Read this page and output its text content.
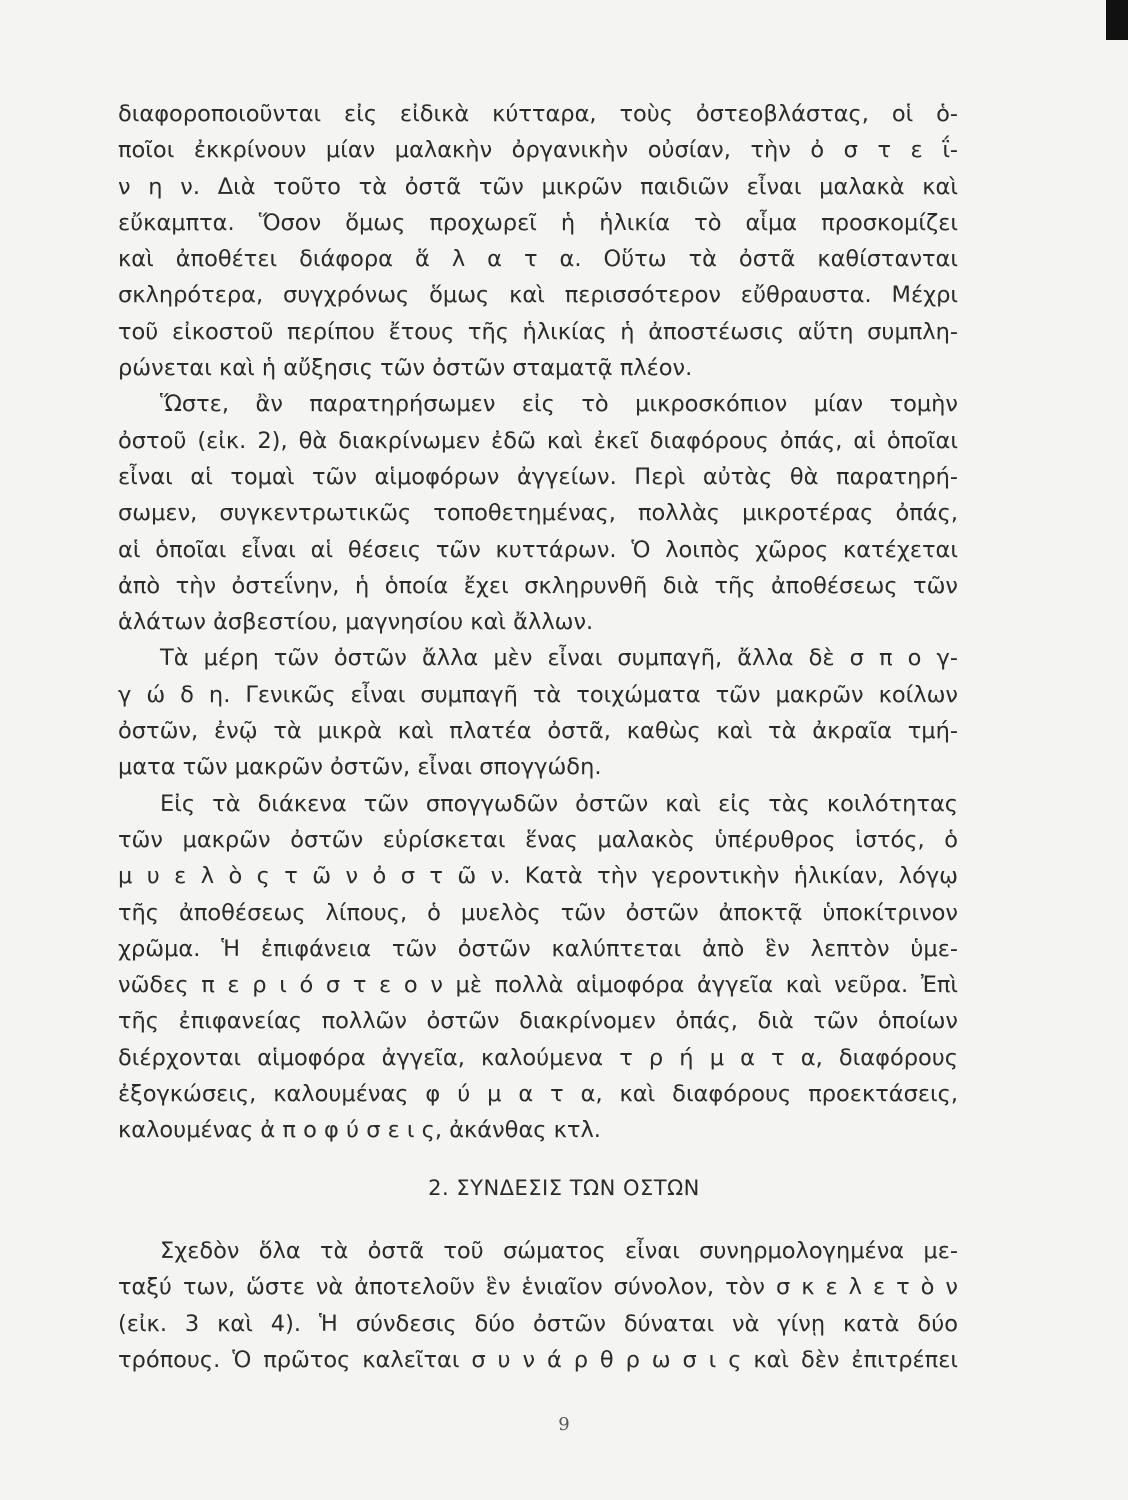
διαφοροποιοῦνται εἰς εἰδικὰ κύτταρα, τοὺς ὀστεοβλάστας, οἱ ὁ-
ποῖοι ἐκκρίνουν μίαν μαλακὴν ὀργανικὴν οὐσίαν, τὴν ὀ σ τ ε ΐ-
ν η ν. Διὰ τοῦτο τὰ ὀστᾶ τῶν μικρῶν παιδιῶν εἶναι μαλακὰ καὶ
εὔκαμπτα. Ὅσον ὅμως προχωρεῖ ἡ ἡλικία τὸ αἷμα προσκομίζει
καὶ ἀποθέτει διάφορα ἅ λ α τ α. Οὕτω τὰ ὀστᾶ καθίστανται
σκληρότερα, συγχρόνως ὅμως καὶ περισσότερον εὔθραυστα. Μέχρι
τοῦ εἰκοστοῦ περίπου ἔτους τῆς ἡλικίας ἡ ἀποστέωσις αὕτη συμπλη-
ρώνεται καὶ ἡ αὔξησις τῶν ὀστῶν σταματᾷ πλέον.
Ὥστε, ἂν παρατηρήσωμεν εἰς τὸ μικροσκόπιον μίαν τομὴν
ὀστοῦ (εἰκ. 2), θὰ διακρίνωμεν ἐδῶ καὶ ἐκεῖ διαφόρους ὀπάς, αἱ ὁποῖαι
εἶναι αἱ τομαὶ τῶν αἱμοφόρων ἀγγείων. Περὶ αὐτὰς θὰ παρατηρή-
σωμεν, συγκεντρωτικῶς τοποθετημένας, πολλὰς μικροτέρας ὀπάς,
αἱ ὁποῖαι εἶναι αἱ θέσεις τῶν κυττάρων. Ὁ λοιπὸς χῶρος κατέχεται
ἀπὸ τὴν ὀστεΐνην, ἡ ὁποία ἔχει σκληρυνθῆ διὰ τῆς ἀποθέσεως τῶν
ἁλάτων ἀσβεστίου, μαγνησίου καὶ ἄλλων.
Τὰ μέρη τῶν ὀστῶν ἄλλα μὲν εἶναι συμπαγῆ, ἄλλα δὲ σ π ο γ-
γ ώ δ η. Γενικῶς εἶναι συμπαγῆ τὰ τοιχώματα τῶν μακρῶν κοίλων
ὀστῶν, ἐνῷ τὰ μικρὰ καὶ πλατέα ὀστᾶ, καθὼς καὶ τὰ ἀκραῖα τμή-
ματα τῶν μακρῶν ὀστῶν, εἶναι σπογγώδη.
Εἰς τὰ διάκενα τῶν σπογγωδῶν ὀστῶν καὶ εἰς τὰς κοιλότητας
τῶν μακρῶν ὀστῶν εὑρίσκεται ἕνας μαλακὸς ὑπέρυθρος ἱστός, ὁ
μ υ ε λ ὸ ς τ ῶ ν ὀ σ τ ῶ ν. Κατὰ τὴν γεροντικὴν ἡλικίαν, λόγῳ
τῆς ἀποθέσεως λίπους, ὁ μυελὸς τῶν ὀστῶν ἀποκτᾷ ὑποκίτρινον
χρῶμα. Ἡ ἐπιφάνεια τῶν ὀστῶν καλύπτεται ἀπὸ ἓν λεπτὸν ὑμε-
νῶδες π ε ρ ι ό σ τ ε ο ν μὲ πολλὰ αἱμοφόρα ἀγγεῖα καὶ νεῦρα. Ἐπὶ
τῆς ἐπιφανείας πολλῶν ὀστῶν διακρίνομεν ὀπάς, διὰ τῶν ὁποίων
διέρχονται αἱμοφόρα ἀγγεῖα, καλούμενα τ ρ ή μ α τ α, διαφόρους
ἐξογκώσεις, καλουμένας φ ύ μ α τ α, καὶ διαφόρους προεκτάσεις,
καλουμένας ἀ π ο φ ύ σ ε ι ς, ἀκάνθας κτλ.
2. ΣΥΝΔΕΣΙΣ ΤΩΝ ΟΣΤΩΝ
Σχεδὸν ὅλα τὰ ὀστᾶ τοῦ σώματος εἶναι συνηρμολογημένα με-
ταξύ των, ὥστε νὰ ἀποτελοῦν ἓν ἑνιαῖον σύνολον, τὸν σ κ ε λ ε τ ὸ ν
(εἰκ. 3 καὶ 4). Ἡ σύνδεσις δύο ὀστῶν δύναται νὰ γίνῃ κατὰ δύο
τρόπους. Ὁ πρῶτος καλεῖται σ υ ν ά ρ θ ρ ω σ ι ς καὶ δὲν ἐπιτρέπει
9
